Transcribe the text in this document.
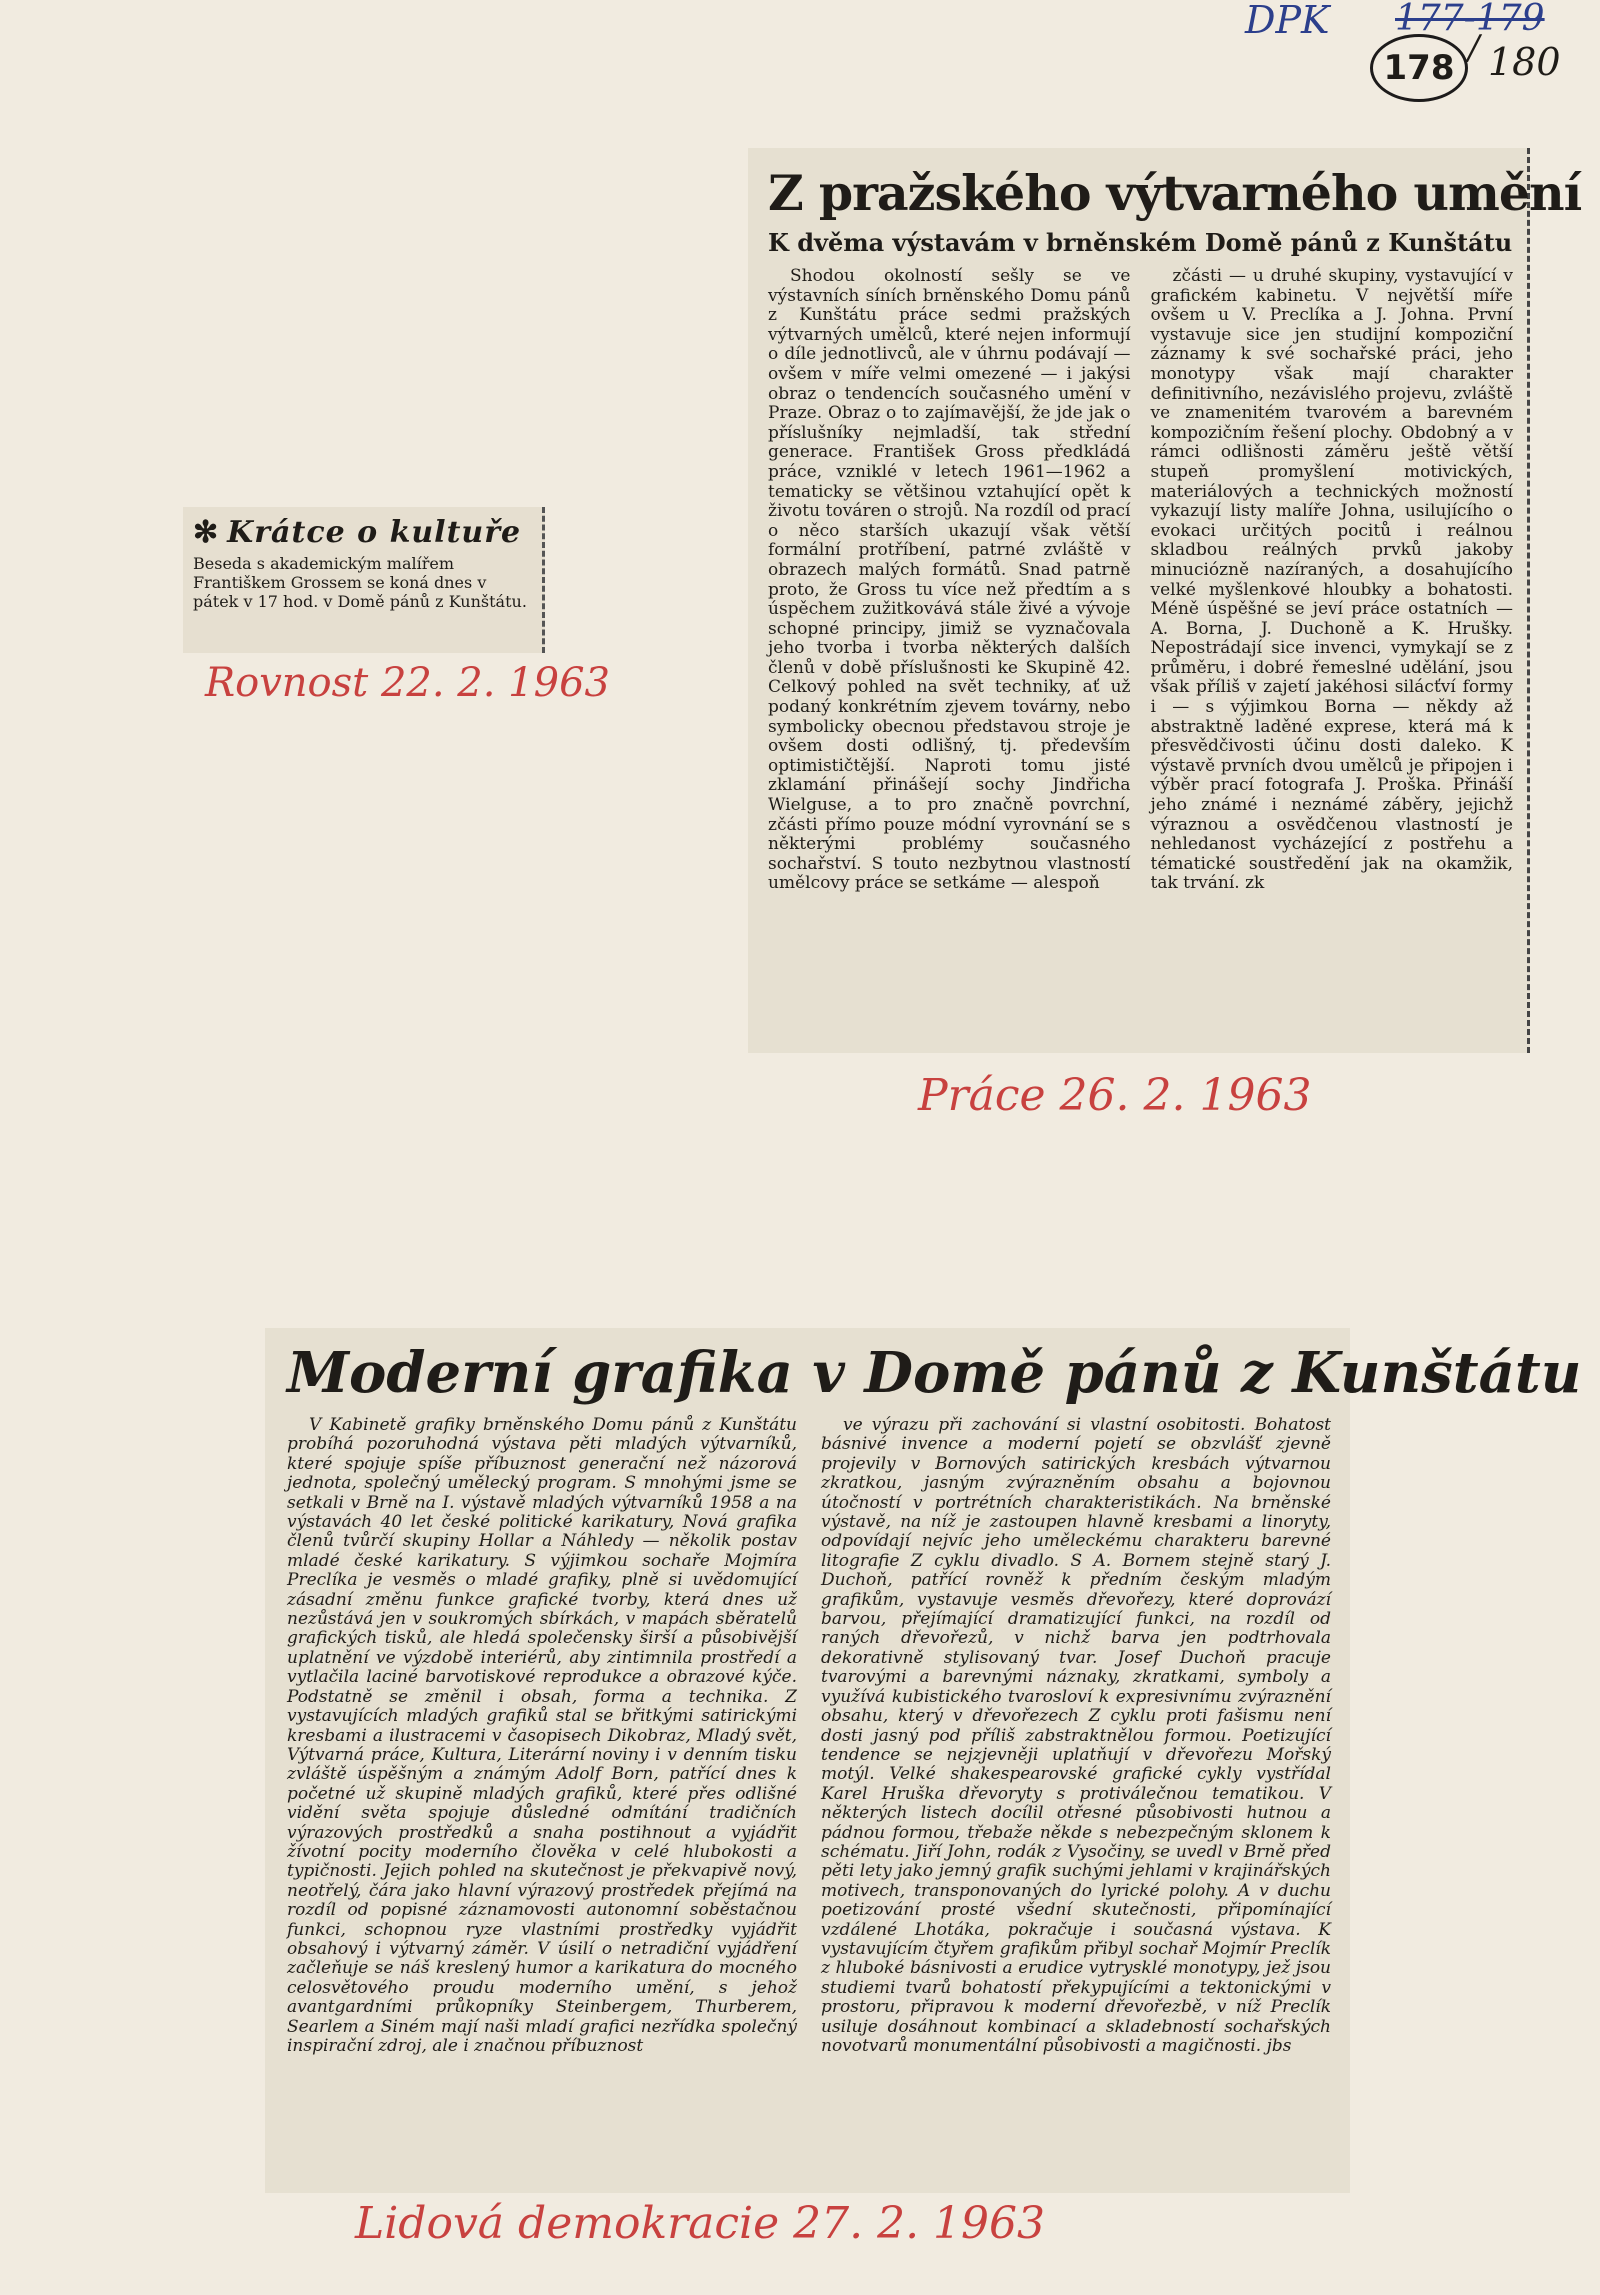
DPK 177-179
178 / 180
✻ Krátce o kultuře
Beseda s akademickým malířem Františkem Grossem se koná dnes v pátek v 17 hod. v Domě pánů z Kunštátu.
Rovnost 22. 2. 1963
Z pražského výtvarného umění
K dvěma výstavám v brněnském Domě pánů z Kunštátu
Shodou okolností sešly se ve výstavních síních brněnského Domu pánů z Kunštátu práce sedmi pražských výtvarných umělců, které nejen informují o díle jednotlivců, ale v úhrnu podávají — ovšem v míře velmi omezené — i jakýsi obraz o tendencích současného umění v Praze. Obraz o to zajímavější, že jde jak o příslušníky nejmladší, tak střední generace. František Gross předkládá práce, vzniklé v letech 1961—1962 a tematicky se většinou vztahující opět k životu továren o strojů. Na rozdíl od prací o něco starších ukazují však větší formální protříbení, patrné zvláště v obrazech malých formátů. Snad patrně proto, že Gross tu více než předtím a s úspěchem zužitkovává stále živé a vývoje schopné principy, jimiž se vyznačovala jeho tvorba i tvorba některých dalších členů v době příslušnosti ke Skupině 42. Celkový pohled na svět techniky, ať už podaný konkrétním zjevem továrny, nebo symbolicky obecnou představou stroje je ovšem dosti odlišný, tj. především optimističtější. Naproti tomu jisté zklamání přinášejí sochy Jindřicha Wielguse, a to pro značně povrchní, zčásti přímo pouze módní vyrovnání se s některými problémy současného sochařství. S touto nezbytnou vlastností umělcovy práce se setkáme — alespoň
zčásti — u druhé skupiny, vystavující v grafickém kabinetu. V největší míře ovšem u V. Preclíka a J. Johna. První vystavuje sice jen studijní kompoziční záznamy k své sochařské práci, jeho monotypy však mají charakter definitivního, nezávislého projevu, zvláště ve znamenitém tvarovém a barevném kompozičním řešení plochy. Obdobný a v rámci odlišnosti záměru ještě větší stupeň promyšlení motivických, materiálových a technických možností vykazují listy malíře Johna, usilujícího o evokaci určitých pocitů i reálnou skladbou reálných prvků jakoby minuciózně nazíraných, a dosahujícího velké myšlenkové hloubky a bohatosti. Méně úspěšné se jeví práce ostatních — A. Borna, J. Duchoně a K. Hrušky. Nepostrádají sice invenci, vymykají se z průměru, i dobré řemeslné udělání, jsou však příliš v zajetí jakéhosi silácťví formy i — s výjimkou Borna — někdy až abstraktně laděné exprese, která má k přesvědčivosti účinu dosti daleko. K výstavě prvních dvou umělců je připojen i výběr prací fotografa J. Proška. Přináší jeho známé i neznámé záběry, jejichž výraznou a osvědčenou vlastností je nehledanost vycházející z postřehu a tématické soustředění jak na okamžik, tak trvání. zk
Práce 26. 2. 1963
Moderní grafika v Domě pánů z Kunštátu
V Kabinetě grafiky brněnského Domu pánů z Kunštátu probíhá pozoruhodná výstava pěti mladých výtvarníků, které spojuje spíše příbuznost generační než názorová jednota, společný umělecký program. S mnohými jsme se setkali v Brně na I. výstavě mladých výtvarníků 1958 a na výstavách 40 let české politické karikatury, Nová grafika členů tvůrčí skupiny Hollar a Náhledy — několik postav mladé české karikatury. S výjimkou sochaře Mojmíra Preclíka je vesměs o mladé grafiky, plně si uvědomující zásadní změnu funkce grafické tvorby, která dnes už nezůstává jen v soukromých sbírkách, v mapách sběratelů grafických tisků, ale hledá společensky širší a působivější uplatnění ve výzdobě interiérů, aby zintimnila prostředí a vytlačila laciné barvotiskové reprodukce a obrazové kýče. Podstatně se změnil i obsah, forma a technika. Z vystavujících mladých grafiků stal se břitkými satirickými kresbami a ilustracemi v časopisech Dikobraz, Mladý svět, Výtvarná práce, Kultura, Literární noviny i v denním tisku zvláště úspěšným a známým Adolf Born, patřící dnes k početné už skupině mladých grafiků, které přes odlišné vidění světa spojuje důsledné odmítání tradičních výrazových prostředků a snaha postihnout a vyjádřit žívotní pocity moderního člověka v celé hlubokosti a typičnosti. Jejich pohled na skutečnost je překvapivě nový, neotřelý, čára jako hlavní výrazový prostředek přejímá na rozdíl od popisné záznamovosti autonomní soběstačnou funkci, schopnou ryze vlastními prostředky vyjádřit obsahový i výtvarný záměr. V úsilí o netradiční vyjádření začleňuje se náš kreslený humor a karikatura do mocného celosvětového proudu moderního umění, s jehož avantgardními průkopníky Steinbergem, Thurberem, Searlem a Siném mají naši mladí grafici nezřídka společný inspirační zdroj, ale i značnou příbuznost
ve výrazu při zachování si vlastní osobitosti. Bohatost básnivé invence a moderní pojetí se obzvlášť zjevně projevily v Bornových satirických kresbách výtvarnou zkratkou, jasným zvýrazněním obsahu a bojovnou útočností v portrétních charakteristikách. Na brněnské výstavě, na níž je zastoupen hlavně kresbami a linoryty, odpovídají nejvíc jeho uměleckému charakteru barevné litografie Z cyklu divadlo. S A. Bornem stejně starý J. Duchoň, patřící rovněž k předním českým mladým grafikům, vystavuje vesměs dřevořezy, které doprovází barvou, přejímající dramatizující funkci, na rozdíl od raných dřevořezů, v nichž barva jen podtrhovala dekorativně stylisovaný tvar. Josef Duchoň pracuje tvarovými a barevnými náznaky, zkratkami, symboly a využívá kubistického tvarosloví k expresivnímu zvýraznění obsahu, který v dřevořezech Z cyklu proti fašismu není dosti jasný pod příliš zabstraktnělou formou. Poetizující tendence se nejzjevněji uplatňují v dřevořezu Mořský motýl. Velké shakespearovské grafické cykly vystřídal Karel Hruška dřevoryty s protiválečnou tematikou. V některých listech docílil otřesné působivosti hutnou a pádnou formou, třebaže někde s nebezpečným sklonem k schématu. Jiří John, rodák z Vysočiny, se uvedl v Brně před pěti lety jako jemný grafik suchými jehlami v krajinářských motivech, transponovaných do lyrické polohy. A v duchu poetizování prosté všední skutečnosti, připomínající vzdálené Lhotáka, pokračuje i současná výstava. K vystavujícím čtyřem grafikům přibyl sochař Mojmír Preclík z hluboké básnivosti a erudice vytrysklé monotypy, jež jsou studiemi tvarů bohatostí překypujícími a tektonickými v prostoru, připravou k moderní dřevořezbě, v níž Preclík usiluje dosáhnout kombinací a skladebností sochařských novotvarů monumentální působivosti a magičnosti. jbs
Lidová demokracie 27. 2. 1963
